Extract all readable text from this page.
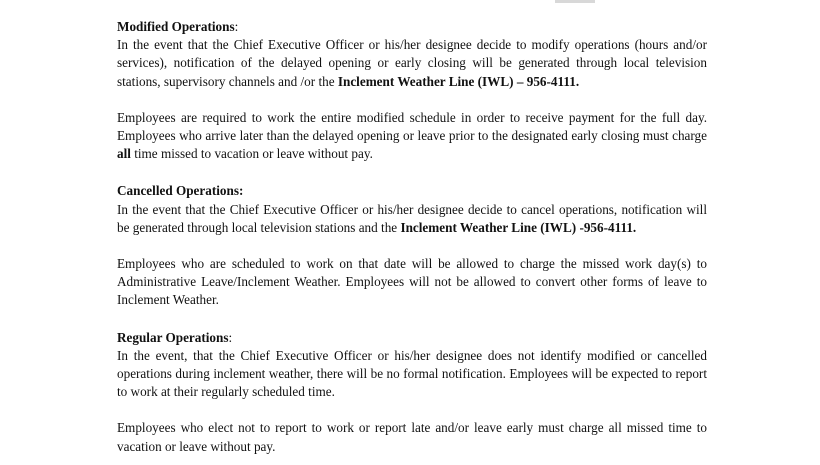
Modified Operations:

In the event that the Chief Executive Officer or his/her designee decide to modify operations (hours and/or services), notification of the delayed opening or early closing will be generated through local television stations, supervisory channels and /or the Inclement Weather Line (IWL) – 956-4111.

Employees are required to work the entire modified schedule in order to receive payment for the full day. Employees who arrive later than the delayed opening or leave prior to the designated early closing must charge all time missed to vacation or leave without pay.

Cancelled Operations:

In the event that the Chief Executive Officer or his/her designee decide to cancel operations, notification will be generated through local television stations and the Inclement Weather Line (IWL) -956-4111.

Employees who are scheduled to work on that date will be allowed to charge the missed work day(s) to Administrative Leave/Inclement Weather. Employees will not be allowed to convert other forms of leave to Inclement Weather.

Regular Operations:

In the event, that the Chief Executive Officer or his/her designee does not identify modified or cancelled operations during inclement weather, there will be no formal notification. Employees will be expected to report to work at their regularly scheduled time.

Employees who elect not to report to work or report late and/or leave early must charge all missed time to vacation or leave without pay.
